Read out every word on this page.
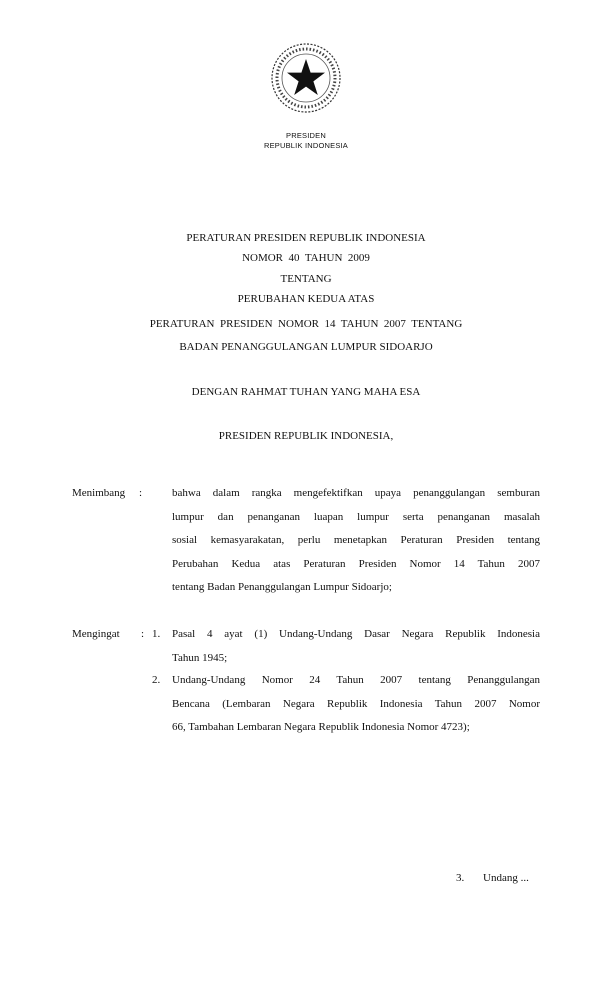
PRESIDEN
REPUBLIK INDONESIA
PERATURAN PRESIDEN REPUBLIK INDONESIA
NOMOR  40  TAHUN  2009
TENTANG
PERUBAHAN KEDUA ATAS
PERATURAN  PRESIDEN  NOMOR  14  TAHUN  2007  TENTANG
BADAN PENANGGULANGAN LUMPUR SIDOARJO
DENGAN RAHMAT TUHAN YANG MAHA ESA
PRESIDEN REPUBLIK INDONESIA,
Menimbang :	bahwa dalam rangka mengefektifkan upaya penanggulangan semburan
lumpur dan penanganan luapan lumpur serta penanganan masalah
sosial kemasyarakatan, perlu menetapkan Peraturan Presiden tentang
Perubahan Kedua atas Peraturan Presiden Nomor 14 Tahun 2007
tentang Badan Penanggulangan Lumpur Sidoarjo;
Mengingat : 1. Pasal 4 ayat (1) Undang-Undang Dasar Negara Republik Indonesia
Tahun 1945;
2. Undang-Undang Nomor 24 Tahun 2007 tentang Penanggulangan
Bencana (Lembaran Negara Republik Indonesia Tahun 2007 Nomor
66, Tambahan Lembaran Negara Republik Indonesia Nomor 4723);
3. Undang ...
